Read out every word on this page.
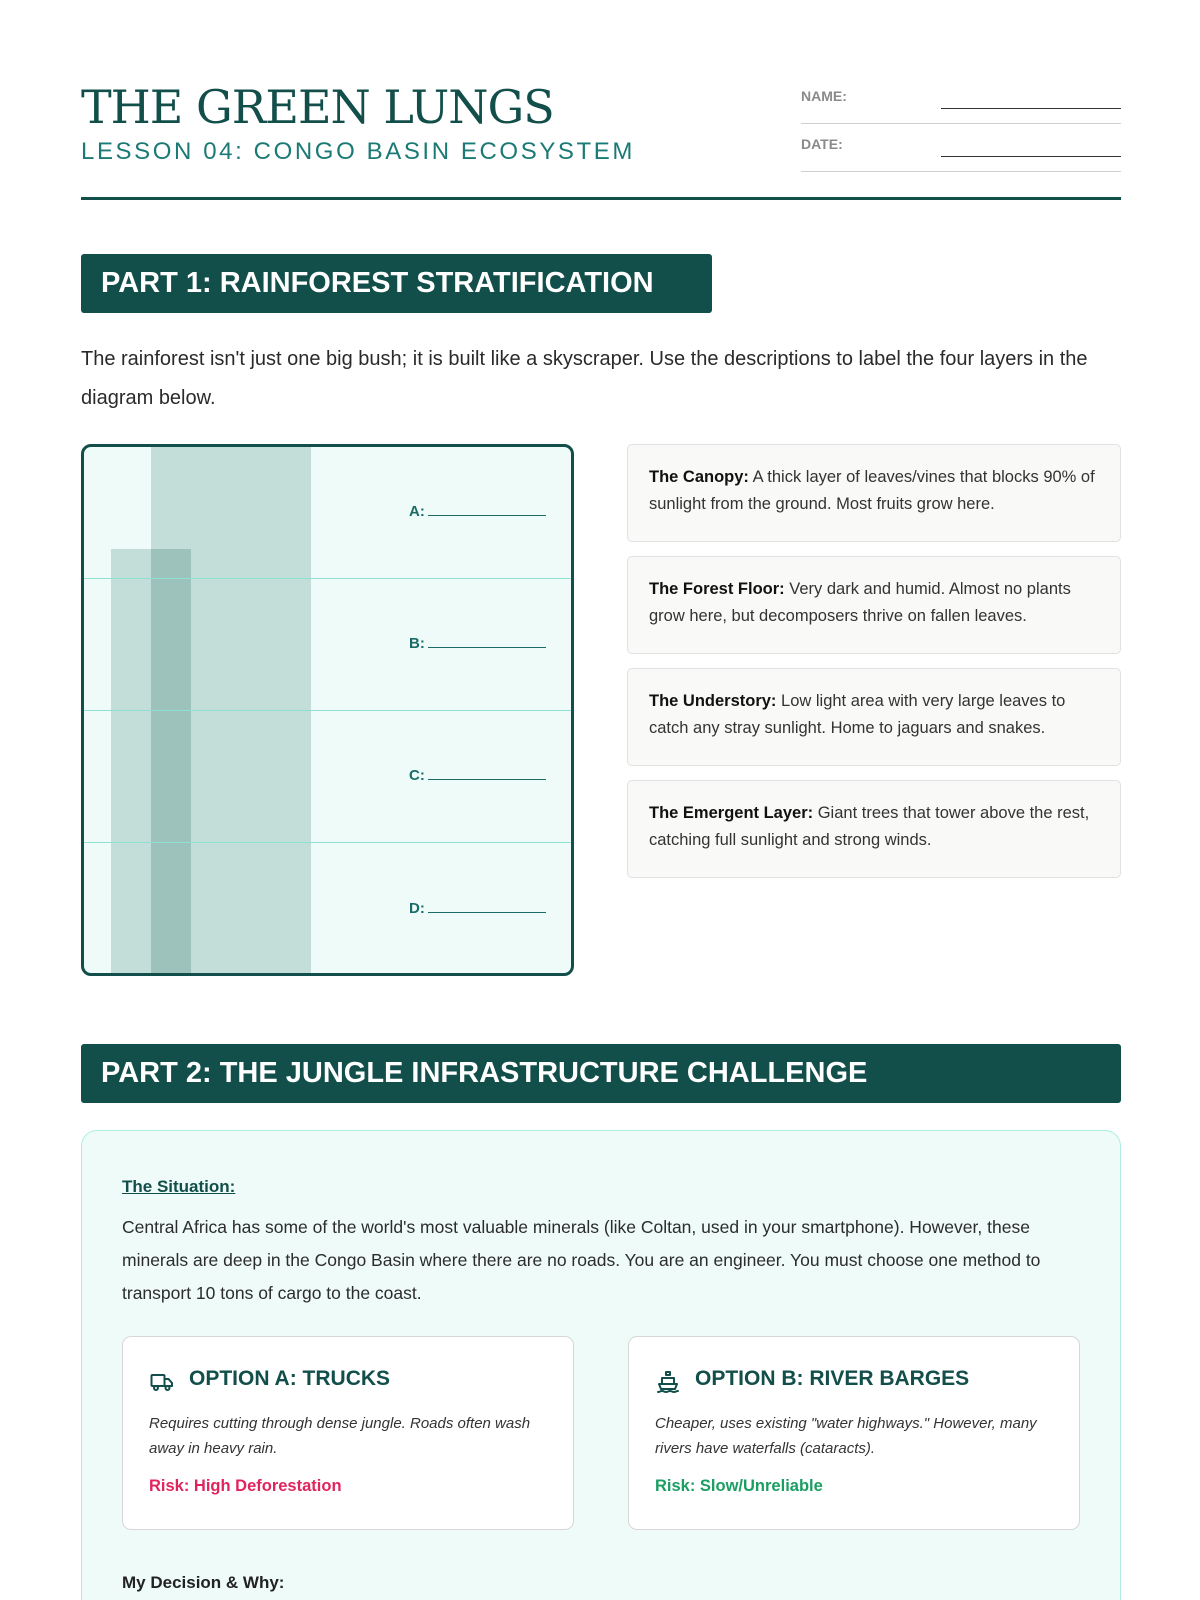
THE GREEN LUNGS
LESSON 04: CONGO BASIN ECOSYSTEM
NAME:
DATE:
PART 1: RAINFOREST STRATIFICATION
The rainforest isn't just one big bush; it is built like a skyscraper. Use the descriptions to label the four layers in the diagram below.
A:
B:
C:
D:
The Canopy: A thick layer of leaves/vines that blocks 90% of sunlight from the ground. Most fruits grow here.
The Forest Floor: Very dark and humid. Almost no plants grow here, but decomposers thrive on fallen leaves.
The Understory: Low light area with very large leaves to catch any stray sunlight. Home to jaguars and snakes.
The Emergent Layer: Giant trees that tower above the rest, catching full sunlight and strong winds.
PART 2: THE JUNGLE INFRASTRUCTURE CHALLENGE
The Situation:
Central Africa has some of the world's most valuable minerals (like Coltan, used in your smartphone). However, these minerals are deep in the Congo Basin where there are no roads. You are an engineer. You must choose one method to transport 10 tons of cargo to the coast.
OPTION A: TRUCKS
Requires cutting through dense jungle. Roads often wash away in heavy rain.
Risk: High Deforestation
OPTION B: RIVER BARGES
Cheaper, uses existing "water highways." However, many rivers have waterfalls (cataracts).
Risk: Slow/Unreliable
My Decision & Why:
